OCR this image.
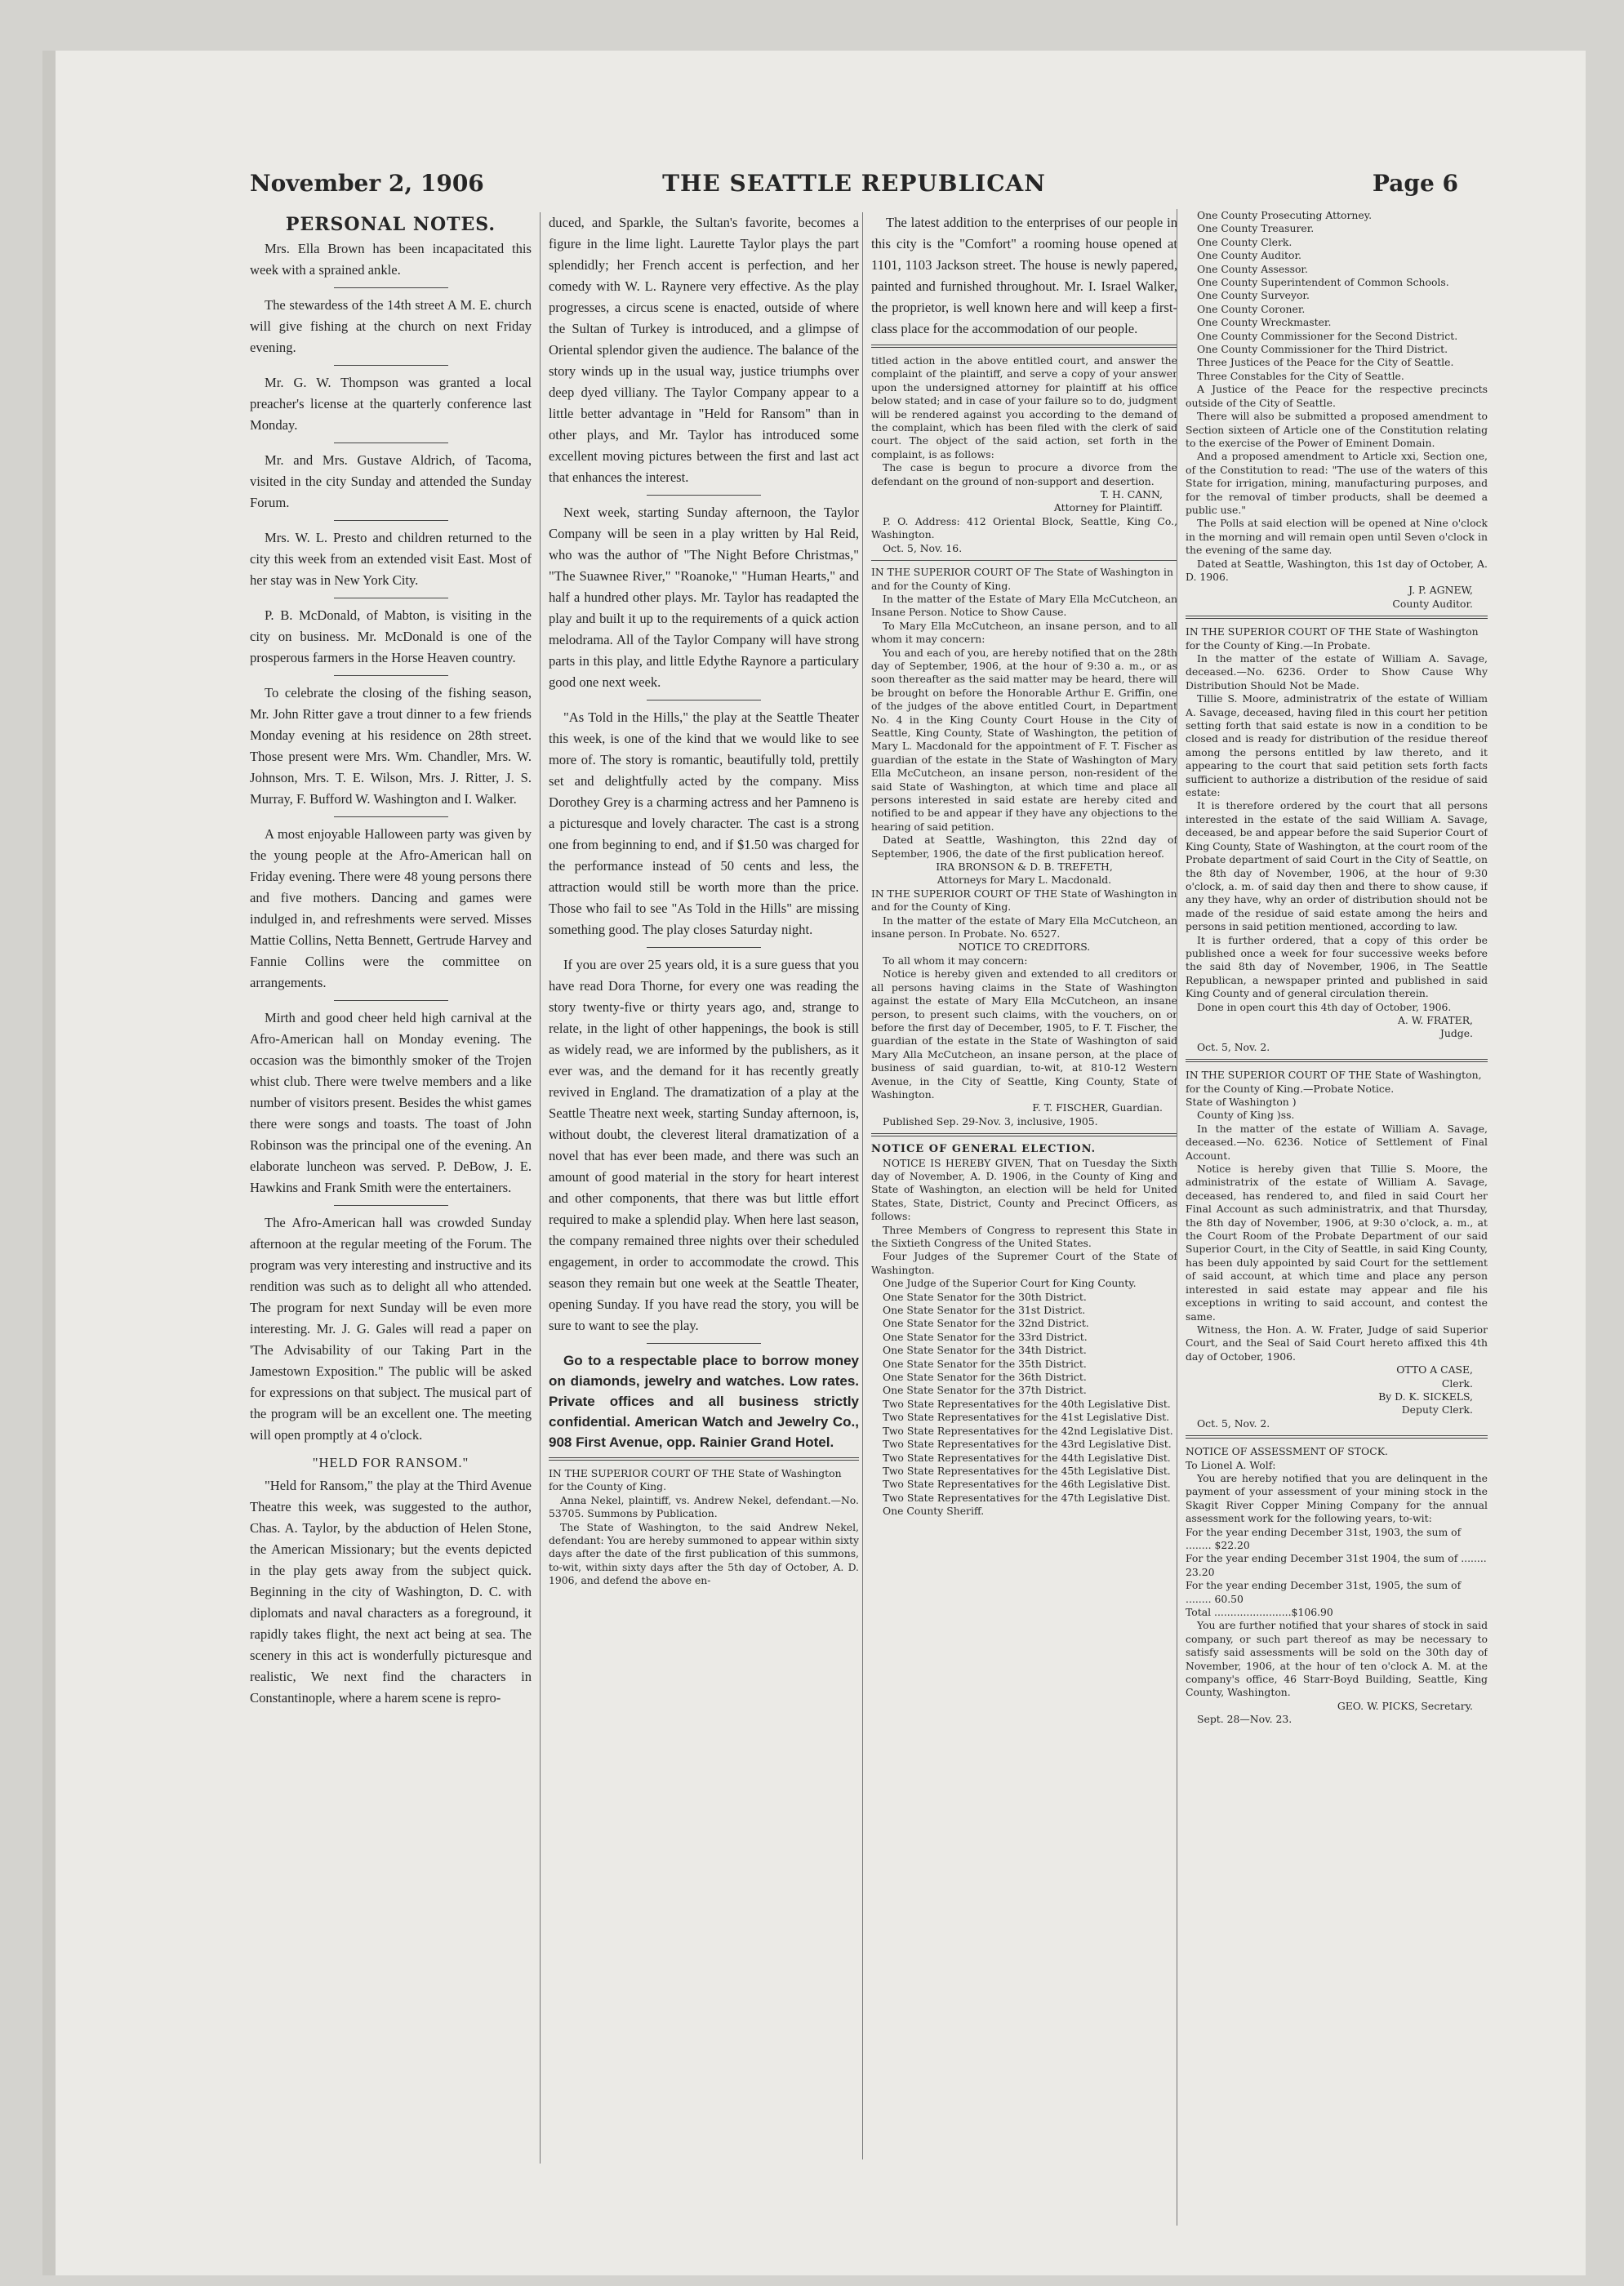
THE SEATTLE REPUBLICAN
November 2, 1906	Page 6
PERSONAL NOTES.

Mrs. Ella Brown has been incapacitated this week with a sprained ankle.

The stewardess of the 14th street A M. E. church will give fishing at the church on next Friday evening.

Mr. G. W. Thompson was granted a local preacher's license at the quarterly conference last Monday.

Mr. and Mrs. Gustave Aldrich, of Tacoma, visited in the city Sunday and attended the Sunday Forum.

Mrs. W. L. Presto and children returned to the city this week from an extended visit East. Most of her stay was in New York City.

P. B. McDonald, of Mabton, is visiting in the city on business. Mr. McDonald is one of the prosperous farmers in the Horse Heaven country.

To celebrate the closing of the fishing season, Mr. John Ritter gave a trout dinner to a few friends Monday evening at his residence on 28th street. Those present were Mrs. Wm. Chandler, Mrs. W. Johnson, Mrs. T. E. Wilson, Mrs. J. Ritter, J. S. Murray, F. Bufford W. Washington and I. Walker.

A most enjoyable Halloween party was given by the young people at the Afro-American hall on Friday evening. There were 48 young persons there and five mothers. Dancing and games were indulged in, and refreshments were served. Misses Mattie Collins, Netta Bennett, Gertrude Harvey and Fannie Collins were the committee on arrangements.

Mirth and good cheer held high carnival at the Afro-American hall on Monday evening. The occasion was the bimonthly smoker of the Trojen whist club. There were twelve members and a like number of visitors present. Besides the whist games there were songs and toasts. The toast of John Robinson was the principal one of the evening. An elaborate luncheon was served. P. DeBow, J. E. Hawkins and Frank Smith were the entertainers.

The Afro-American hall was crowded Sunday afternoon at the regular meeting of the Forum. The program was very interesting and instructive and its rendition was such as to delight all who attended. The program for next Sunday will be even more interesting. Mr. J. G. Gales will read a paper on 'The Advisability of our Taking Part in the Jamestown Exposition." The public will be asked for expressions on that subject. The musical part of the program will be an excellent one. The meeting will open promptly at 4 o'clock.

"HELD FOR RANSOM."

"Held for Ransom," the play at the Third Avenue Theatre this week, was suggested to the author, Chas. A. Taylor, by the abduction of Helen Stone, the American Missionary; but the events depicted in the play gets away from the subject quick. Beginning in the city of Washington, D. C. with diplomats and naval characters as a foreground, it rapidly takes flight, the next act being at sea. The scenery in this act is wonderfully picturesque and realistic, We next find the characters in Constantinople, where a harem scene is repro-

duced, and Sparkle, the Sultan's favorite, becomes a figure in the lime light. Laurette Taylor plays the part splendidly; her French accent is perfection, and her comedy with W. L. Raynere very effective. As the play progresses, a circus scene is enacted, outside of where the Sultan of Turkey is introduced, and a glimpse of Oriental splendor given the audience. The balance of the story winds up in the usual way, justice triumphs over deep dyed villiany. The Taylor Company appear to a little better advantage in "Held for Ransom" than in other plays, and Mr. Taylor has introduced some excellent moving pictures between the first and last act that enhances the interest.

Next week, starting Sunday afternoon, the Taylor Company will be seen in a play written by Hal Reid, who was the author of "The Night Before Christmas," "The Suawnee River," "Roanoke," "Human Hearts," and half a hundred other plays. Mr. Taylor has readapted the play and built it up to the requirements of a quick action melodrama. All of the Taylor Company will have strong parts in this play, and little Edythe Raynore a particulary good one next week.

"As Told in the Hills," the play at the Seattle Theater this week, is one of the kind that we would like to see more of. The story is romantic, beautifully told, prettily set and delightfully acted by the company. Miss Dorothey Grey is a charming actress and her Pamneno is a picturesque and lovely character. The cast is a strong one from beginning to end, and if $1.50 was charged for the performance instead of 50 cents and less, the attraction would still be worth more than the price. Those who fail to see "As Told in the Hills" are missing something good. The play closes Saturday night.

If you are over 25 years old, it is a sure guess that you have read Dora Thorne, for every one was reading the story twenty-five or thirty years ago, and, strange to relate, in the light of other happenings, the book is still as widely read, we are informed by the publishers, as it ever was, and the demand for it has recently greatly revived in England. The dramatization of a play at the Seattle Theatre next week, starting Sunday afternoon, is, without doubt, the cleverest literal dramatization of a novel that has ever been made, and there was such an amount of good material in the story for heart interest and other components, that there was but little effort required to make a splendid play. When here last season, the company remained three nights over their scheduled engagement, in order to accommodate the crowd. This season they remain but one week at the Seattle Theater, opening Sunday. If you have read the story, you will be sure to want to see the play.

Go to a respectable place to borrow money on diamonds, jewelry and watches. Low rates. Private offices and all business strictly confidential. American Watch and Jewelry Co., 908 First Avenue, opp. Rainier Grand Hotel.

IN THE SUPERIOR COURT OF THE State of Washington for the County of King.

Anna Nekel, plaintiff, vs. Andrew Nekel, defendant.—No. 53705. Summons by Publication.

The State of Washington, to the said Andrew Nekel, defendant: You are hereby summoned to appear within sixty days after the date of the first publication of this summons, to-wit, within sixty days after the 5th day of October, A. D. 1906, and defend the above en-

The latest addition to the enterprises of our people in this city is the "Comfort" a rooming house opened at 1101, 1103 Jackson street. The house is newly papered, painted and furnished throughout. Mr. I. Israel Walker, the proprietor, is well known here and will keep a first-class place for the accommodation of our people.

titled action in the above entitled court, and answer the complaint of the plaintiff, and serve a copy of your answer upon the undersigned attorney for plaintiff at his office below stated; and in case of your failure so to do, judgment will be rendered against you according to the demand of the complaint, which has been filed with the clerk of said court. The object of the said action, set forth in the complaint, is as follows:

The case is begun to procure a divorce from the defendant on the ground of non-support and desertion.

T. H. CANN,

Attorney for Plaintiff.

P. O. Address: 412 Oriental Block, Seattle, King Co., Washington.

Oct. 5, Nov. 16.

IN THE SUPERIOR COURT OF The State of Washington in and for the County of King.

In the matter of the Estate of Mary Ella McCutcheon, an Insane Person. Notice to Show Cause.

To Mary Ella McCutcheon, an insane person, and to all whom it may concern:

You and each of you, are hereby notified that on the 28th day of September, 1906, at the hour of 9:30 a. m., or as soon thereafter as the said matter may be heard, there will be brought on before the Honorable Arthur E. Griffin, one of the judges of the above entitled Court, in Department No. 4 in the King County Court House in the City of Seattle, King County, State of Washington, the petition of Mary L. Macdonald for the appointment of F. T. Fischer as guardian of the estate in the State of Washington of Mary Ella McCutcheon, an insane person, non-resident of the said State of Washington, at which time and place all persons interested in said estate are hereby cited and notified to be and appear if they have any objections to the hearing of said petition.

Dated at Seattle, Washington, this 22nd day of September, 1906, the date of the first publication hereof.

IRA BRONSON & D. B. TREFETH,

Attorneys for Mary L. Macdonald.

IN THE SUPERIOR COURT OF THE State of Washington in and for the County of King.

In the matter of the estate of Mary Ella McCutcheon, an insane person. In Probate. No. 6527.

NOTICE TO CREDITORS.

To all whom it may concern:

Notice is hereby given and extended to all creditors or all persons having claims in the State of Washington against the estate of Mary Ella McCutcheon, an insane person, to present such claims, with the vouchers, on or before the first day of December, 1905, to F. T. Fischer, the guardian of the estate in the State of Washington of said Mary Alla McCutcheon, an insane person, at the place of business of said guardian, to-wit, at 810-12 Western Avenue, in the City of Seattle, King County, State of Washington.

F. T. FISCHER, Guardian.

Published Sep. 29-Nov. 3, inclusive, 1905.

NOTICE OF GENERAL ELECTION.

NOTICE IS HEREBY GIVEN, That on Tuesday the Sixth day of November, A. D. 1906, in the County of King and State of Washington, an election will be held for United States, State, District, County and Precinct Officers, as follows:

Three Members of Congress to represent this State in the Sixtieth Congress of the United States.

Four Judges of the Supremer Court of the State of Washington.

One Judge of the Superior Court for King County.

One State Senator for the 30th District.

One State Senator for the 31st District.

One State Senator for the 32nd District.

One State Senator for the 33rd District.

One State Senator for the 34th District.

One State Senator for the 35th District.

One State Senator for the 36th District.

One State Senator for the 37th District.

Two State Representatives for the 40th Legislative Dist.

Two State Representatives for the 41st Legislative Dist.

Two State Representatives for the 42nd Legislative Dist.

Two State Representatives for the 43rd Legislative Dist.

Two State Representatives for the 44th Legislative Dist.

Two State Representatives for the 45th Legislative Dist.

Two State Representatives for the 46th Legislative Dist.

Two State Representatives for the 47th Legislative Dist.

One County Sheriff.

One County Prosecuting Attorney.

One County Treasurer.

One County Clerk.

One County Auditor.

One County Assessor.

One County Superintendent of Common Schools.

One County Surveyor.

One County Coroner.

One County Wreckmaster.

One County Commissioner for the Second District.

One County Commissioner for the Third District.

Three Justices of the Peace for the City of Seattle.

Three Constables for the City of Seattle.

A Justice of the Peace for the respective precincts outside of the City of Seattle.

There will also be submitted a proposed amendment to Section sixteen of Article one of the Constitution relating to the exercise of the Power of Eminent Domain.

And a proposed amendment to Article xxi, Section one, of the Constitution to read: "The use of the waters of this State for irrigation, mining, manufacturing purposes, and for the removal of timber products, shall be deemed a public use."

The Polls at said election will be opened at Nine o'clock in the morning and will remain open until Seven o'clock in the evening of the same day.

Dated at Seattle, Washington, this 1st day of October, A. D. 1906.

J. P. AGNEW,

County Auditor.

IN THE SUPERIOR COURT OF THE State of Washington for the County of King.—In Probate.

In the matter of the estate of William A. Savage, deceased.—No. 6236. Order to Show Cause Why Distribution Should Not be Made.

Tillie S. Moore, administratrix of the estate of William A. Savage, deceased, having filed in this court her petition setting forth that said estate is now in a condition to be closed and is ready for distribution of the residue thereof among the persons entitled by law thereto, and it appearing to the court that said petition sets forth facts sufficient to authorize a distribution of the residue of said estate:

It is therefore ordered by the court that all persons interested in the estate of the said William A. Savage, deceased, be and appear before the said Superior Court of King County, State of Washington, at the court room of the Probate department of said Court in the City of Seattle, on the 8th day of November, 1906, at the hour of 9:30 o'clock, a. m. of said day then and there to show cause, if any they have, why an order of distribution should not be made of the residue of said estate among the heirs and persons in said petition mentioned, according to law.

It is further ordered, that a copy of this order be published once a week for four successive weeks before the said 8th day of November, 1906, in The Seattle Republican, a newspaper printed and published in said King County and of general circulation therein.

Done in open court this 4th day of October, 1906.

A. W. FRATER,

Judge.

Oct. 5, Nov. 2.

IN THE SUPERIOR COURT OF THE State of Washington, for the County of King.—Probate Notice.

State of Washington )

County of King )ss.

In the matter of the estate of William A. Savage, deceased.—No. 6236. Notice of Settlement of Final Account.

Notice is hereby given that Tillie S. Moore, the administratrix of the estate of William A. Savage, deceased, has rendered to, and filed in said Court her Final Account as such administratrix, and that Thursday, the 8th day of November, 1906, at 9:30 o'clock, a. m., at the Court Room of the Probate Department of our said Superior Court, in the City of Seattle, in said King County, has been duly appointed by said Court for the settlement of said account, at which time and place any person interested in said estate may appear and file his exceptions in writing to said account, and contest the same.

Witness, the Hon. A. W. Frater, Judge of said Superior Court, and the Seal of Said Court hereto affixed this 4th day of October, 1906.

OTTO A CASE,

Clerk.

By D. K. SICKELS,

Deputy Clerk.

Oct. 5, Nov. 2.

NOTICE OF ASSESSMENT OF STOCK.

To Lionel A. Wolf:

You are hereby notified that you are delinquent in the payment of your assessment of your mining stock in the Skagit River Copper Mining Company for the annual assessment work for the following years, to-wit:

For the year ending December 31st, 1903, the sum of ........ $22.20

For the year ending December 31st 1904, the sum of ........ 23.20

For the year ending December 31st, 1905, the sum of ........ 60.50

Total ........................$106.90

You are further notified that your shares of stock in said company, or such part thereof as may be necessary to satisfy said assessments will be sold on the 30th day of November, 1906, at the hour of ten o'clock A. M. at the company's office, 46 Starr-Boyd Building, Seattle, King County, Washington.

GEO. W. PICKS, Secretary.

Sept. 28—Nov. 23.
